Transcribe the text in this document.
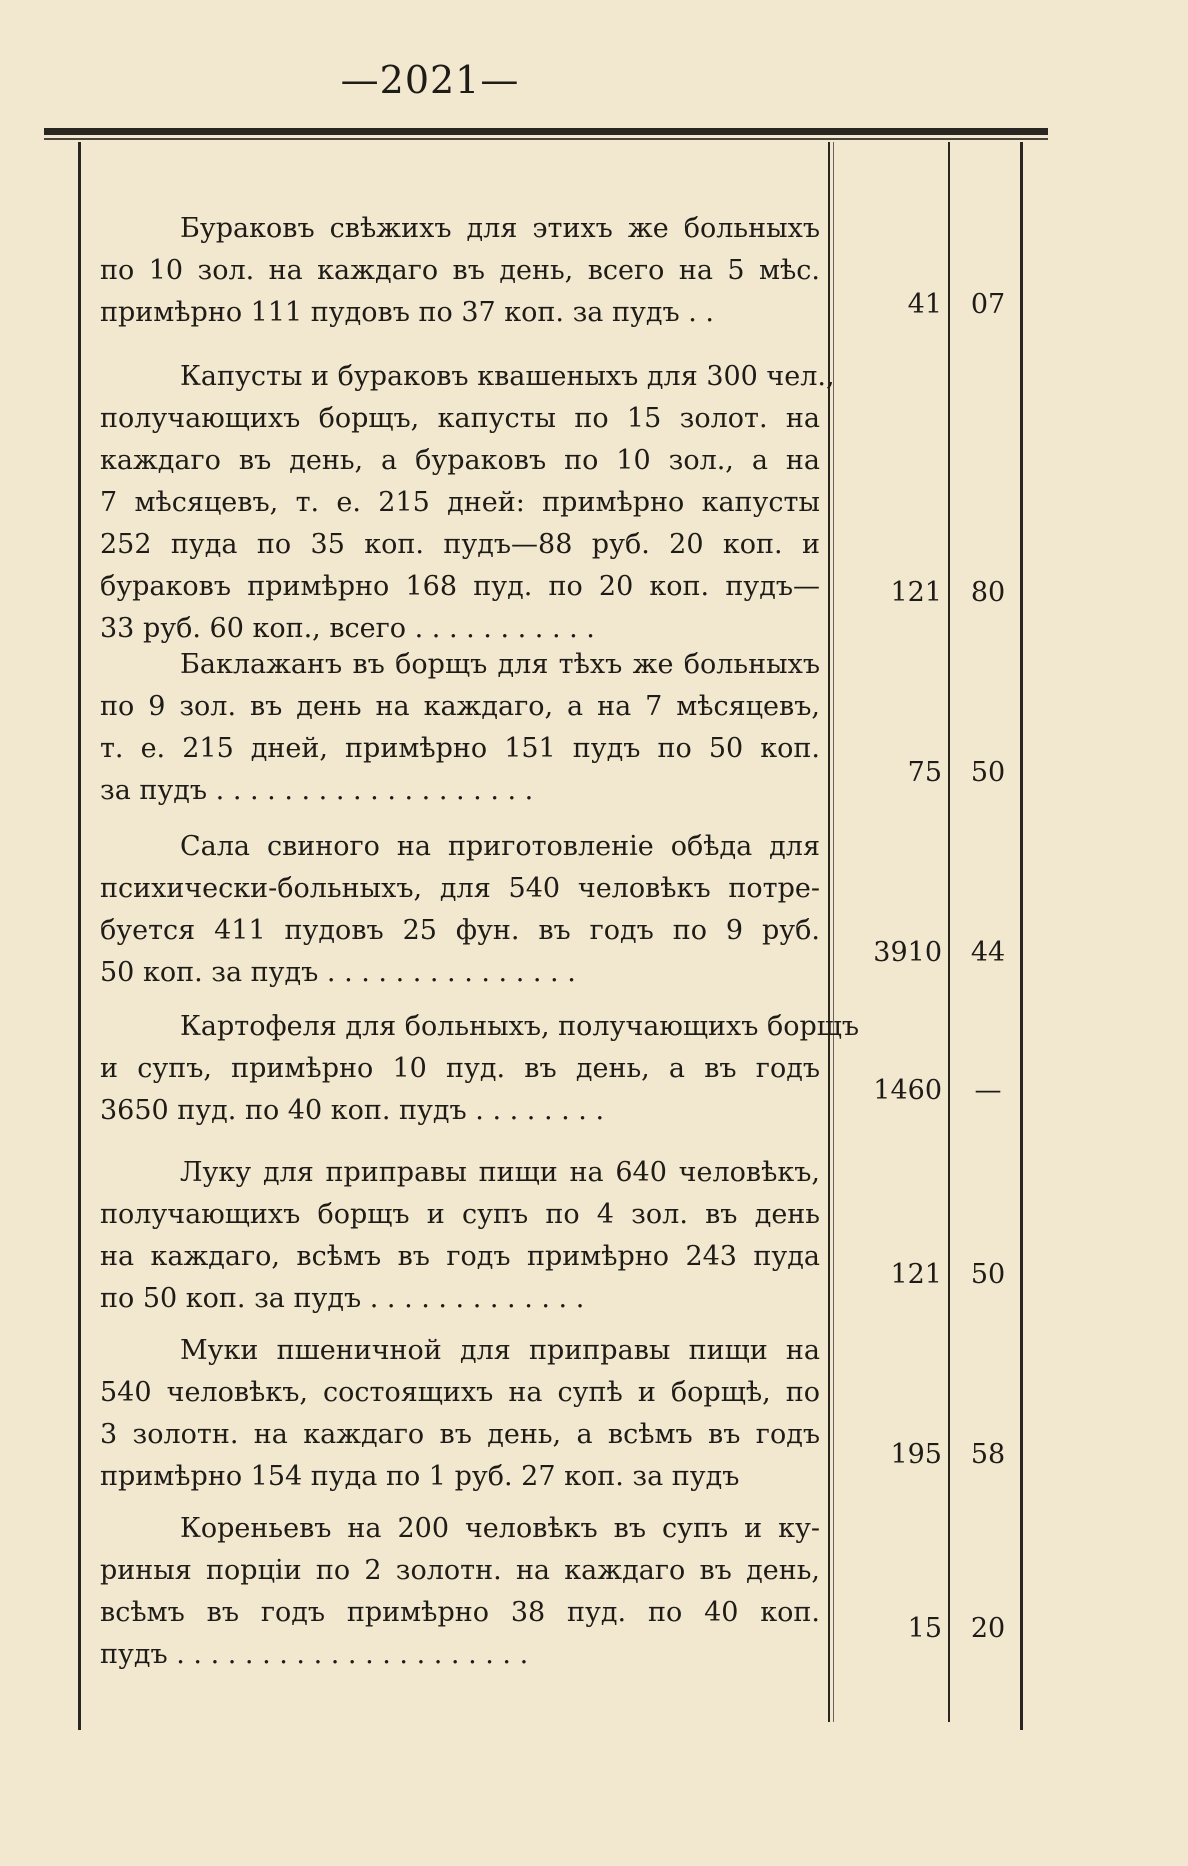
—2021—
Бураковъ свѣжихъ для этихъ же больныхъ
по 10 зол. на каждаго въ день, всего на 5 мѣс.
примѣрно 111 пудовъ по 37 коп. за пудъ . .	41	07
Капусты и бураковъ квашеныхъ для 300 чел.,
получающихъ борщъ, капусты по 15 золот. на
каждаго въ день, а бураковъ по 10 зол., а на
7 мѣсяцевъ, т. е. 215 дней: примѣрно капусты
252 пуда по 35 коп. пудъ—88 руб. 20 коп. и
бураковъ примѣрно 168 пуд. по 20 коп. пудъ—
33 руб. 60 коп., всего . . . . . . . . . . .
121	80
Баклажанъ въ борщъ для тѣхъ же больныхъ
по 9 зол. въ день на каждаго, а на 7 мѣсяцевъ,
т. е. 215 дней, примѣрно 151 пудъ по 50 коп.
за пудъ . . . . . . . . . . . . . . . . . . .
75	50
Сала свиного на приготовленіе обѣда для
психически-больныхъ, для 540 человѣкъ потре-
буется 411 пудовъ 25 фун. въ годъ по 9 руб.
50 коп. за пудъ . . . . . . . . . . . . . . .
3910	44
Картофеля для больныхъ, получающихъ борщъ
и супъ, примѣрно 10 пуд. въ день, а въ годъ
3650 пуд. по 40 коп. пудъ . . . . . . . .
1460	—
Луку для приправы пищи на 640 человѣкъ,
получающихъ борщъ и супъ по 4 зол. въ день
на каждаго, всѣмъ въ годъ примѣрно 243 пуда
по 50 коп. за пудъ . . . . . . . . . . . . .
121	50
Муки пшеничной для приправы пищи на
540 человѣкъ, состоящихъ на супѣ и борщѣ, по
3 золотн. на каждаго въ день, а всѣмъ въ годъ
примѣрно 154 пуда по 1 руб. 27 коп. за пудъ
195	58
Кореньевъ на 200 человѣкъ въ супъ и ку-
риныя порціи по 2 золотн. на каждаго въ день,
всѣмъ въ годъ примѣрно 38 пуд. по 40 коп.
пудъ . . . . . . . . . . . . . . . . . . . . .
15	20
